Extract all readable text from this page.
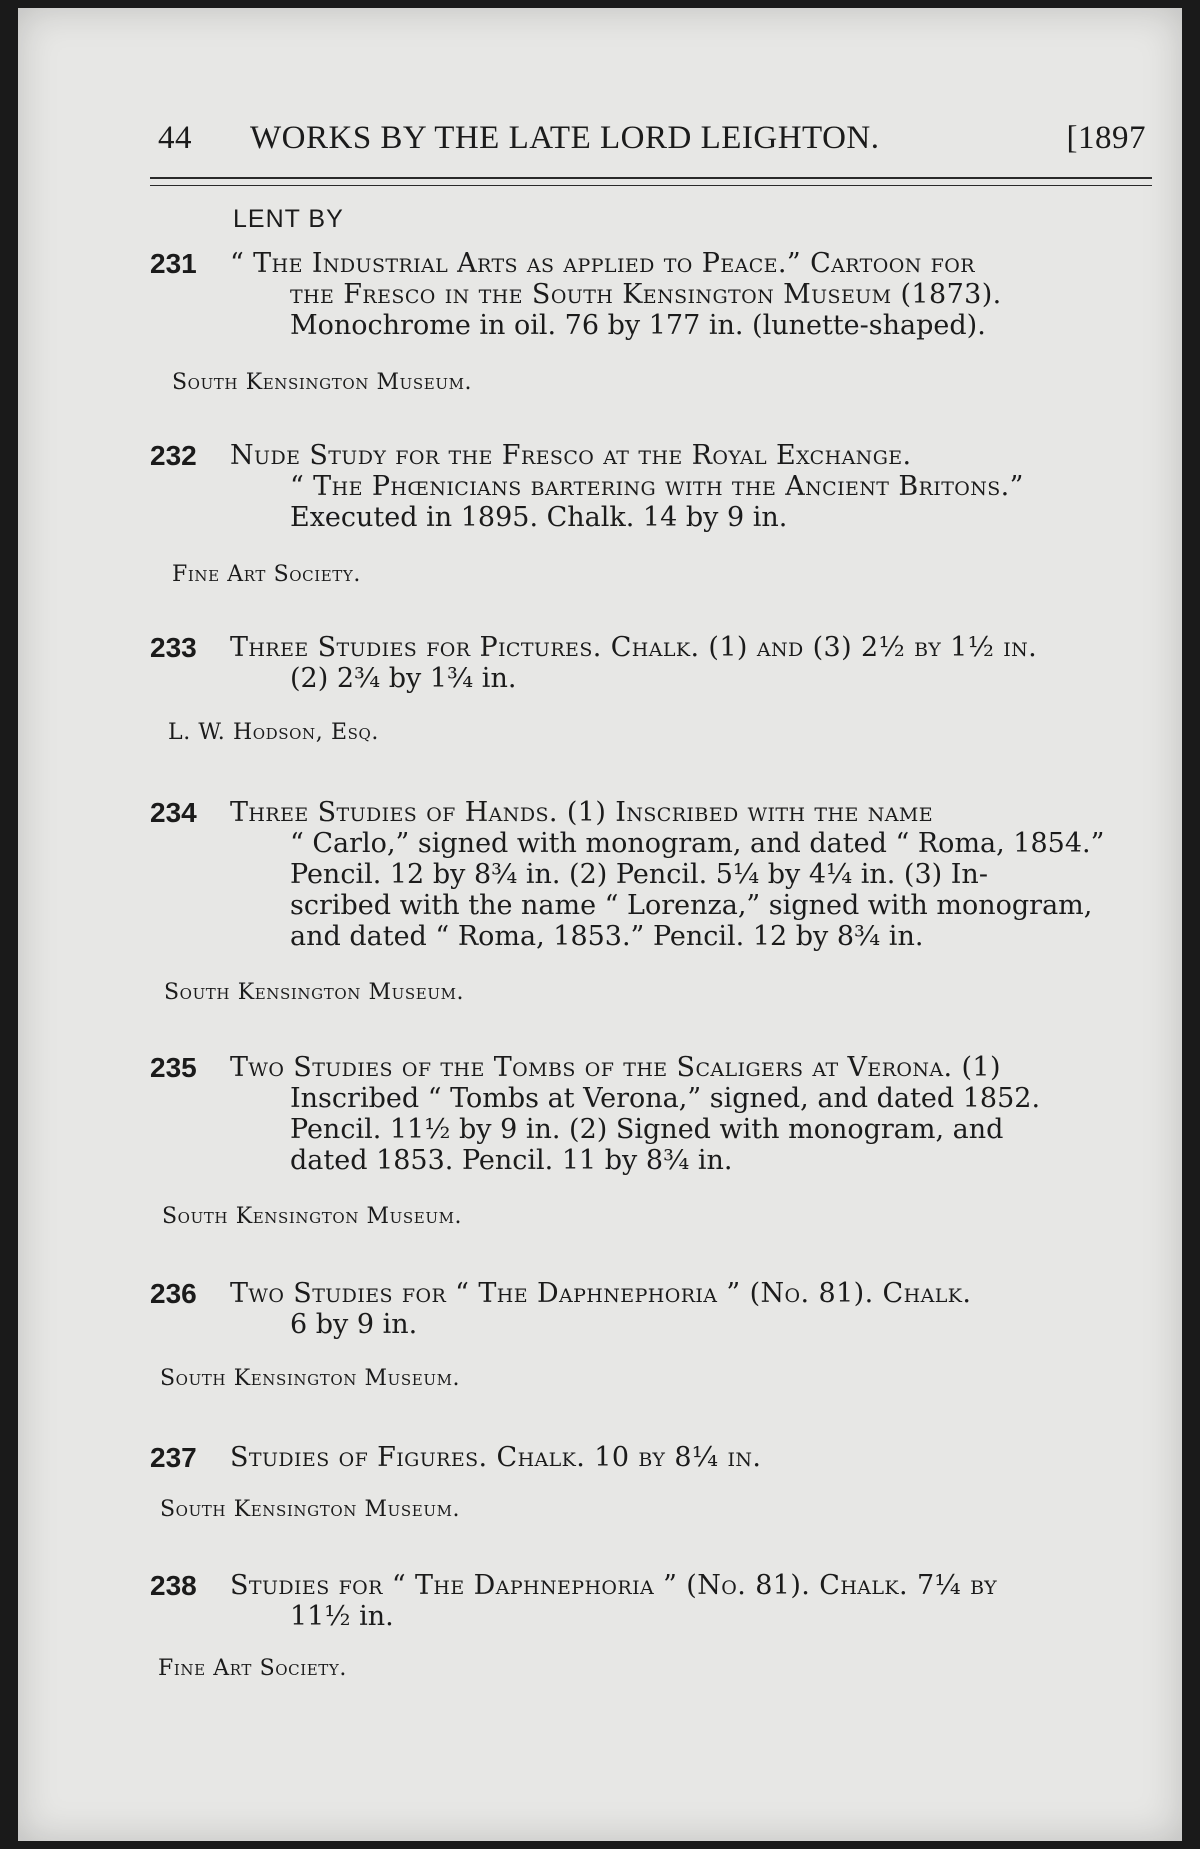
44 WORKS BY THE LATE LORD LEIGHTON.	[1897
LENT BY
231 “ The Industrial Arts as applied to Peace.” Cartoon for
the Fresco in the South Kensington Museum (1873).
Monochrome in oil. 76 by 177 in. (lunette-shaped).
South Kensington Museum.
232 Nude Study for the Fresco at the Royal Exchange.
“ The Phœnicians bartering with the Ancient Britons.”
Executed in 1895. Chalk. 14 by 9 in.
Fine Art Society.
233 Three Studies for Pictures. Chalk. (1) and (3) 2½ by 1½ in.
(2) 2¾ by 1¾ in.
L. W. Hodson, Esq.
234 Three Studies of Hands. (1) Inscribed with the name
“ Carlo,” signed with monogram, and dated “ Roma, 1854.”
Pencil. 12 by 8¾ in. (2) Pencil. 5¼ by 4¼ in. (3) In-
scribed with the name “ Lorenza,” signed with monogram,
and dated “ Roma, 1853.” Pencil. 12 by 8¾ in.
South Kensington Museum.
235 Two Studies of the Tombs of the Scaligers at Verona. (1)
Inscribed “ Tombs at Verona,” signed, and dated 1852.
Pencil. 11½ by 9 in. (2) Signed with monogram, and
dated 1853. Pencil. 11 by 8¾ in.
South Kensington Museum.
236 Two Studies for “ The Daphnephoria ” (No. 81). Chalk.
6 by 9 in.
South Kensington Museum.
237 Studies of Figures. Chalk. 10 by 8¼ in.
South Kensington Museum.
238 Studies for “ The Daphnephoria ” (No. 81). Chalk. 7¼ by
11½ in.
Fine Art Society.
